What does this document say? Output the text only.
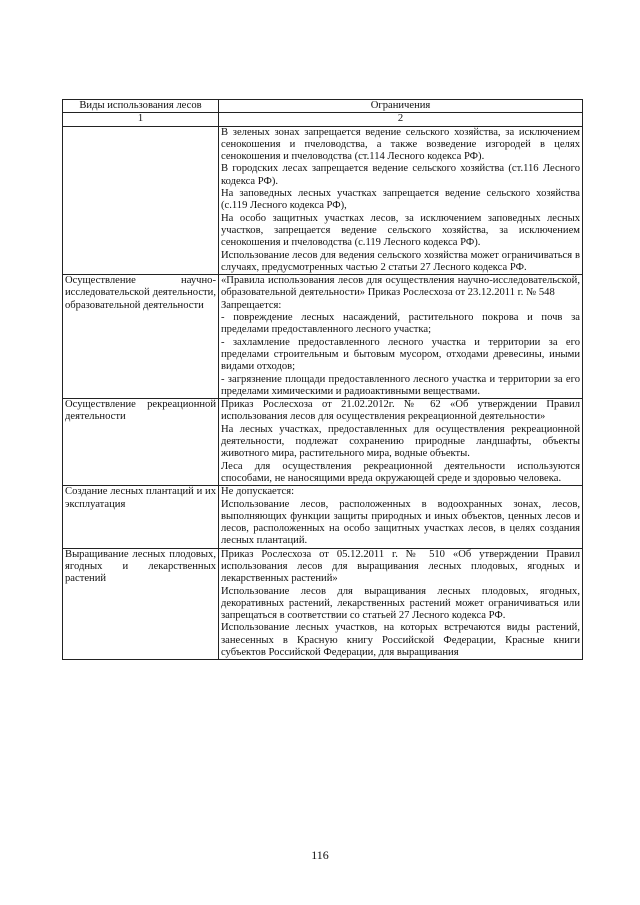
Виды использования лесов	Ограничения
1	2

	В зеленых зонах запрещается ведение сельского хозяйства, за исключением сенокошения и пчеловодства, а также возведение изгородей в целях сенокошения и пчеловодства (ст.114 Лесного кодекса РФ).

В городских лесах запрещается ведение сельского хозяйства (ст.116 Лесного кодекса РФ).

На заповедных лесных участках запрещается ведение сельского хозяйства (с.119 Лесного кодекса РФ),

На особо защитных участках лесов, за исключением заповедных лесных участков, запрещается ведение сельского хозяйства, за исключением сенокошения и пчеловодства (с.119 Лесного кодекса РФ).

Использование лесов для ведения сельского хозяйства может ограничиваться в случаях, предусмотренных частью 2 статьи 27 Лесного кодекса РФ.

Осуществление научно-исследовательской деятельности, образовательной деятельности	«Правила использования лесов для осуществления научно-исследовательской, образовательной деятельности» Приказ Рослесхоза от 23.12.2011 г. № 548

Запрещается:

- повреждение лесных насаждений, растительного покрова и почв за пределами предоставленного лесного участка;

- захламление предоставленного лесного участка и территории за его пределами строительным и бытовым мусором, отходами древесины, иными видами отходов;

- загрязнение площади предоставленного лесного участка и территории за его пределами химическими и радиоактивными веществами.

Осуществление рекреационной деятельности	Приказ Рослесхоза от 21.02.2012г. № 62 «Об утверждении Правил использования лесов для осуществления рекреационной деятельности»

На лесных участках, предоставленных для осуществления рекреационной деятельности, подлежат сохранению природные ландшафты, объекты животного мира, растительного мира, водные объекты.

Леса для осуществления рекреационной деятельности используются способами, не наносящими вреда окружающей среде и здоровью человека.

Создание лесных плантаций и их эксплуатация	Не допускается:

Использование лесов, расположенных в водоохранных зонах, лесов, выполняющих функции защиты природных и иных объектов, ценных лесов и лесов, расположенных на особо защитных участках лесов, в целях создания лесных плантаций.

Выращивание лесных плодовых, ягодных и лекарственных растений	Приказ Рослесхоза от 05.12.2011 г. № 510 «Об утверждении Правил использования лесов для выращивания лесных плодовых, ягодных и лекарственных растений»

Использование лесов для выращивания лесных плодовых, ягодных, декоративных растений, лекарственных растений может ограничиваться или запрещаться в соответствии со статьей 27 Лесного кодекса РФ.

Использование лесных участков, на которых встречаются виды растений, занесенных в Красную книгу Российской Федерации, Красные книги субъектов Российской Федерации, для выращивания

116
